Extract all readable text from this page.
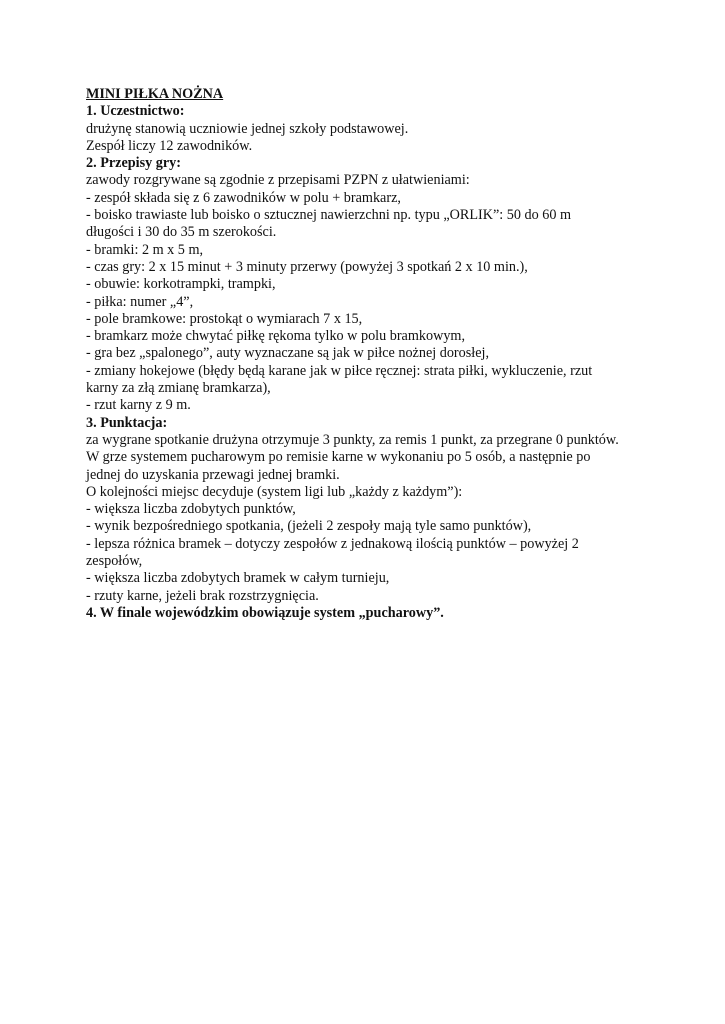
MINI PIŁKA NOŻNA

1. Uczestnictwo:

drużynę stanowią uczniowie jednej szkoły podstawowej.

Zespół liczy 12 zawodników.

2. Przepisy gry:

zawody rozgrywane są zgodnie z przepisami PZPN z ułatwieniami:

- zespół składa się z 6 zawodników w polu + bramkarz,

- boisko trawiaste lub boisko o sztucznej nawierzchni np. typu „ORLIK”: 50 do 60 m

długości i 30 do 35 m szerokości.

- bramki: 2 m x 5 m,

- czas gry: 2 x 15 minut + 3 minuty przerwy (powyżej 3 spotkań 2 x 10 min.),

- obuwie: korkotrampki, trampki,

- piłka: numer „4”,

- pole bramkowe: prostokąt o wymiarach 7 x 15,

- bramkarz może chwytać piłkę rękoma tylko w polu bramkowym,

- gra bez „spalonego”, auty wyznaczane są jak w piłce nożnej dorosłej,

- zmiany hokejowe (błędy będą karane jak w piłce ręcznej: strata piłki, wykluczenie, rzut

karny za złą zmianę bramkarza),

- rzut karny z 9 m.

3. Punktacja:

za wygrane spotkanie drużyna otrzymuje 3 punkty, za remis 1 punkt, za przegrane 0 punktów.

W grze systemem pucharowym po remisie karne w wykonaniu po 5 osób, a następnie po

jednej do uzyskania przewagi jednej bramki.

O kolejności miejsc decyduje (system ligi lub „każdy z każdym”):

- większa liczba zdobytych punktów,

- wynik bezpośredniego spotkania, (jeżeli 2 zespoły mają tyle samo punktów),

- lepsza różnica bramek – dotyczy zespołów z jednakową ilością punktów – powyżej 2

zespołów,

- większa liczba zdobytych bramek w całym turnieju,

- rzuty karne, jeżeli brak rozstrzygnięcia.

4. W finale wojewódzkim obowiązuje system „pucharowy”.
